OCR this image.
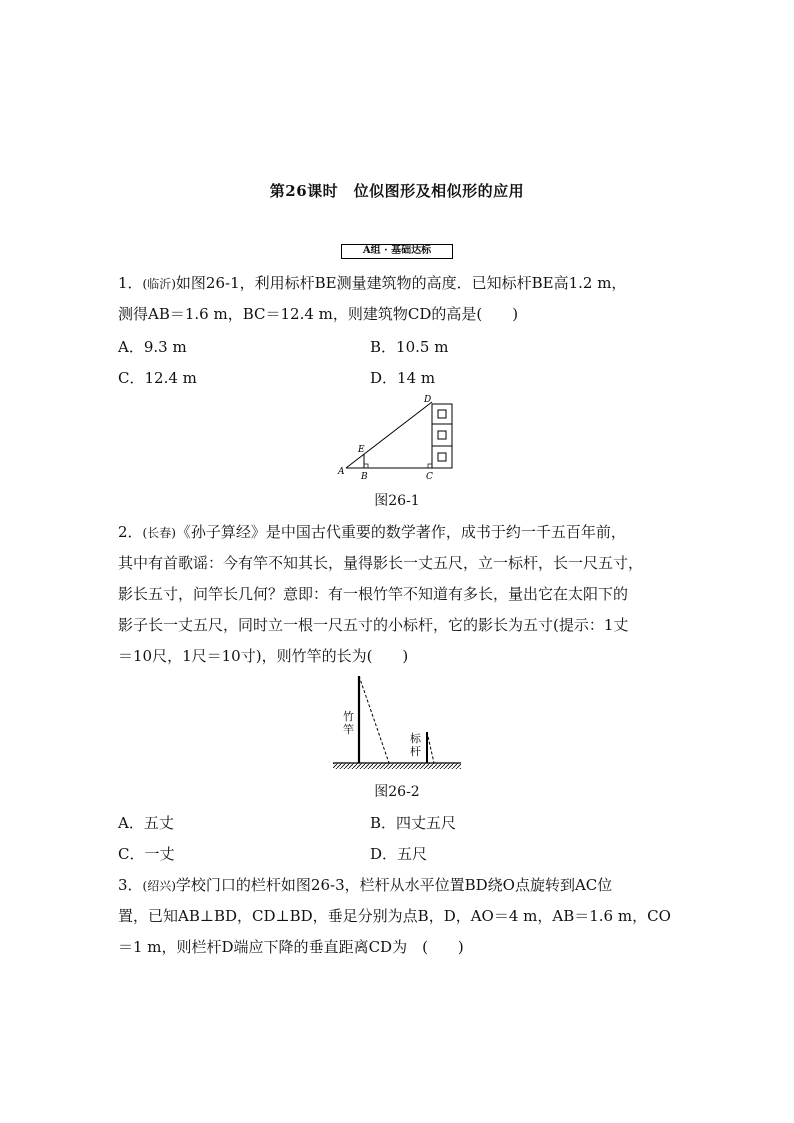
第26课时　位似图形及相似形的应用
A组 · 基础达标
1．(临沂)如图26-1，利用标杆BE测量建筑物的高度．已知标杆BE高1.2 m，
测得AB＝1.6 m，BC＝12.4 m，则建筑物CD的高是(　　)
A．9.3 m	B．10.5 m
C．12.4 m	D．14 m
A
E
B	C
D
图26-1
2．(长春)《孙子算经》是中国古代重要的数学著作，成书于约一千五百年前，
其中有首歌谣：今有竿不知其长，量得影长一丈五尺，立一标杆，长一尺五寸，
影长五寸，问竿长几何？意即：有一根竹竿不知道有多长，量出它在太阳下的
影子长一丈五尺，同时立一根一尺五寸的小标杆，它的影长为五寸(提示：1丈
＝10尺，1尺＝10寸)，则竹竿的长为(　　)
竹
竿
标
杆
图26-2
A．五丈	B．四丈五尺
C．一丈	D．五尺
3．(绍兴)学校门口的栏杆如图26-3，栏杆从水平位置BD绕O点旋转到AC位
置，已知AB⊥BD，CD⊥BD，垂足分别为点B，D，AO＝4 m，AB＝1.6 m，CO
＝1 m，则栏杆D端应下降的垂直距离CD为　(　　)
